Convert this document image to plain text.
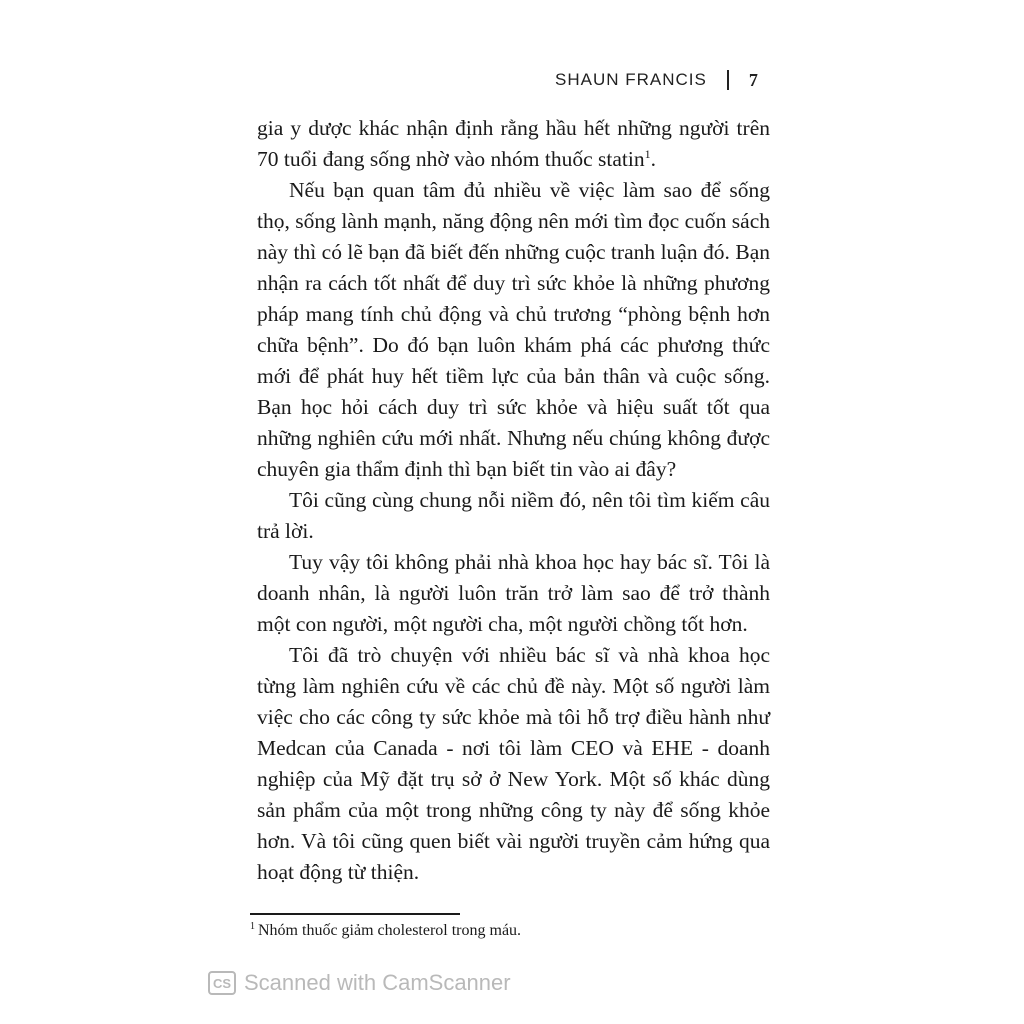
SHAUN FRANCIS 7

gia y dược khác nhận định rằng hầu hết những người trên 70 tuổi đang sống nhờ vào nhóm thuốc statin$^1$.

Nếu bạn quan tâm đủ nhiều về việc làm sao để sống thọ, sống lành mạnh, năng động nên mới tìm đọc cuốn sách này thì có lẽ bạn đã biết đến những cuộc tranh luận đó. Bạn nhận ra cách tốt nhất để duy trì sức khỏe là những phương pháp mang tính chủ động và chủ trương “phòng bệnh hơn chữa bệnh”. Do đó bạn luôn khám phá các phương thức mới để phát huy hết tiềm lực của bản thân và cuộc sống. Bạn học hỏi cách duy trì sức khỏe và hiệu suất tốt qua những nghiên cứu mới nhất. Nhưng nếu chúng không được chuyên gia thẩm định thì bạn biết tin vào ai đây?

Tôi cũng cùng chung nỗi niềm đó, nên tôi tìm kiếm câu trả lời.

Tuy vậy tôi không phải nhà khoa học hay bác sĩ. Tôi là doanh nhân, là người luôn trăn trở làm sao để trở thành một con người, một người cha, một người chồng tốt hơn.

Tôi đã trò chuyện với nhiều bác sĩ và nhà khoa học từng làm nghiên cứu về các chủ đề này. Một số người làm việc cho các công ty sức khỏe mà tôi hỗ trợ điều hành như Medcan của Canada - nơi tôi làm CEO và EHE - doanh nghiệp của Mỹ đặt trụ sở ở New York. Một số khác dùng sản phẩm của một trong những công ty này để sống khỏe hơn. Và tôi cũng quen biết vài người truyền cảm hứng qua hoạt động từ thiện.

$^1$ Nhóm thuốc giảm cholesterol trong máu.
CS Scanned with CamScanner
